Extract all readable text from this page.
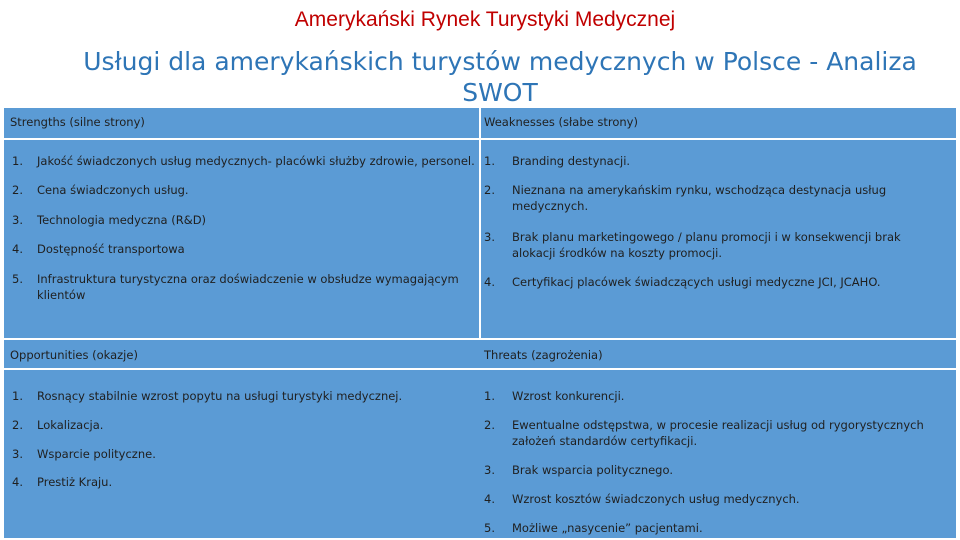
Amerykański Rynek Turystyki Medycznej
Usługi dla amerykańskich turystów medycznych w Polsce - Analiza SWOT
Strengths (silne strony)
1. Jakość świadczonych usług medycznych- placówki służby zdrowie, personel.
2. Cena świadczonych usług.
3. Technologia medyczna (R&D)
4. Dostępność transportowa
5. Infrastruktura turystyczna oraz doświadczenie w obsłudze wymagającym klientów
Weaknesses (słabe strony)
1. Branding destynacji.
2. Nieznana na amerykańskim rynku, wschodząca destynacja usług medycznych.
3. Brak planu marketingowego / planu promocji i w konsekwencji brak alokacji środków na koszty promocji.
4. Certyfikacj placówek świadczących usługi medyczne JCI, JCAHO.
Opportunities (okazje)
1. Rosnący stabilnie wzrost popytu na usługi turystyki medycznej.
2. Lokalizacja.
3. Wsparcie polityczne.
4. Prestiż Kraju.
Threats (zagrożenia)
1. Wzrost konkurencji.
2. Ewentualne odstępstwa, w procesie realizacji usług od rygorystycznych założeń standardów certyfikacji.
3. Brak wsparcia politycznego.
4. Wzrost kosztów świadczonych usług medycznych.
5. Możliwe „nasycenie” pacjentami.
